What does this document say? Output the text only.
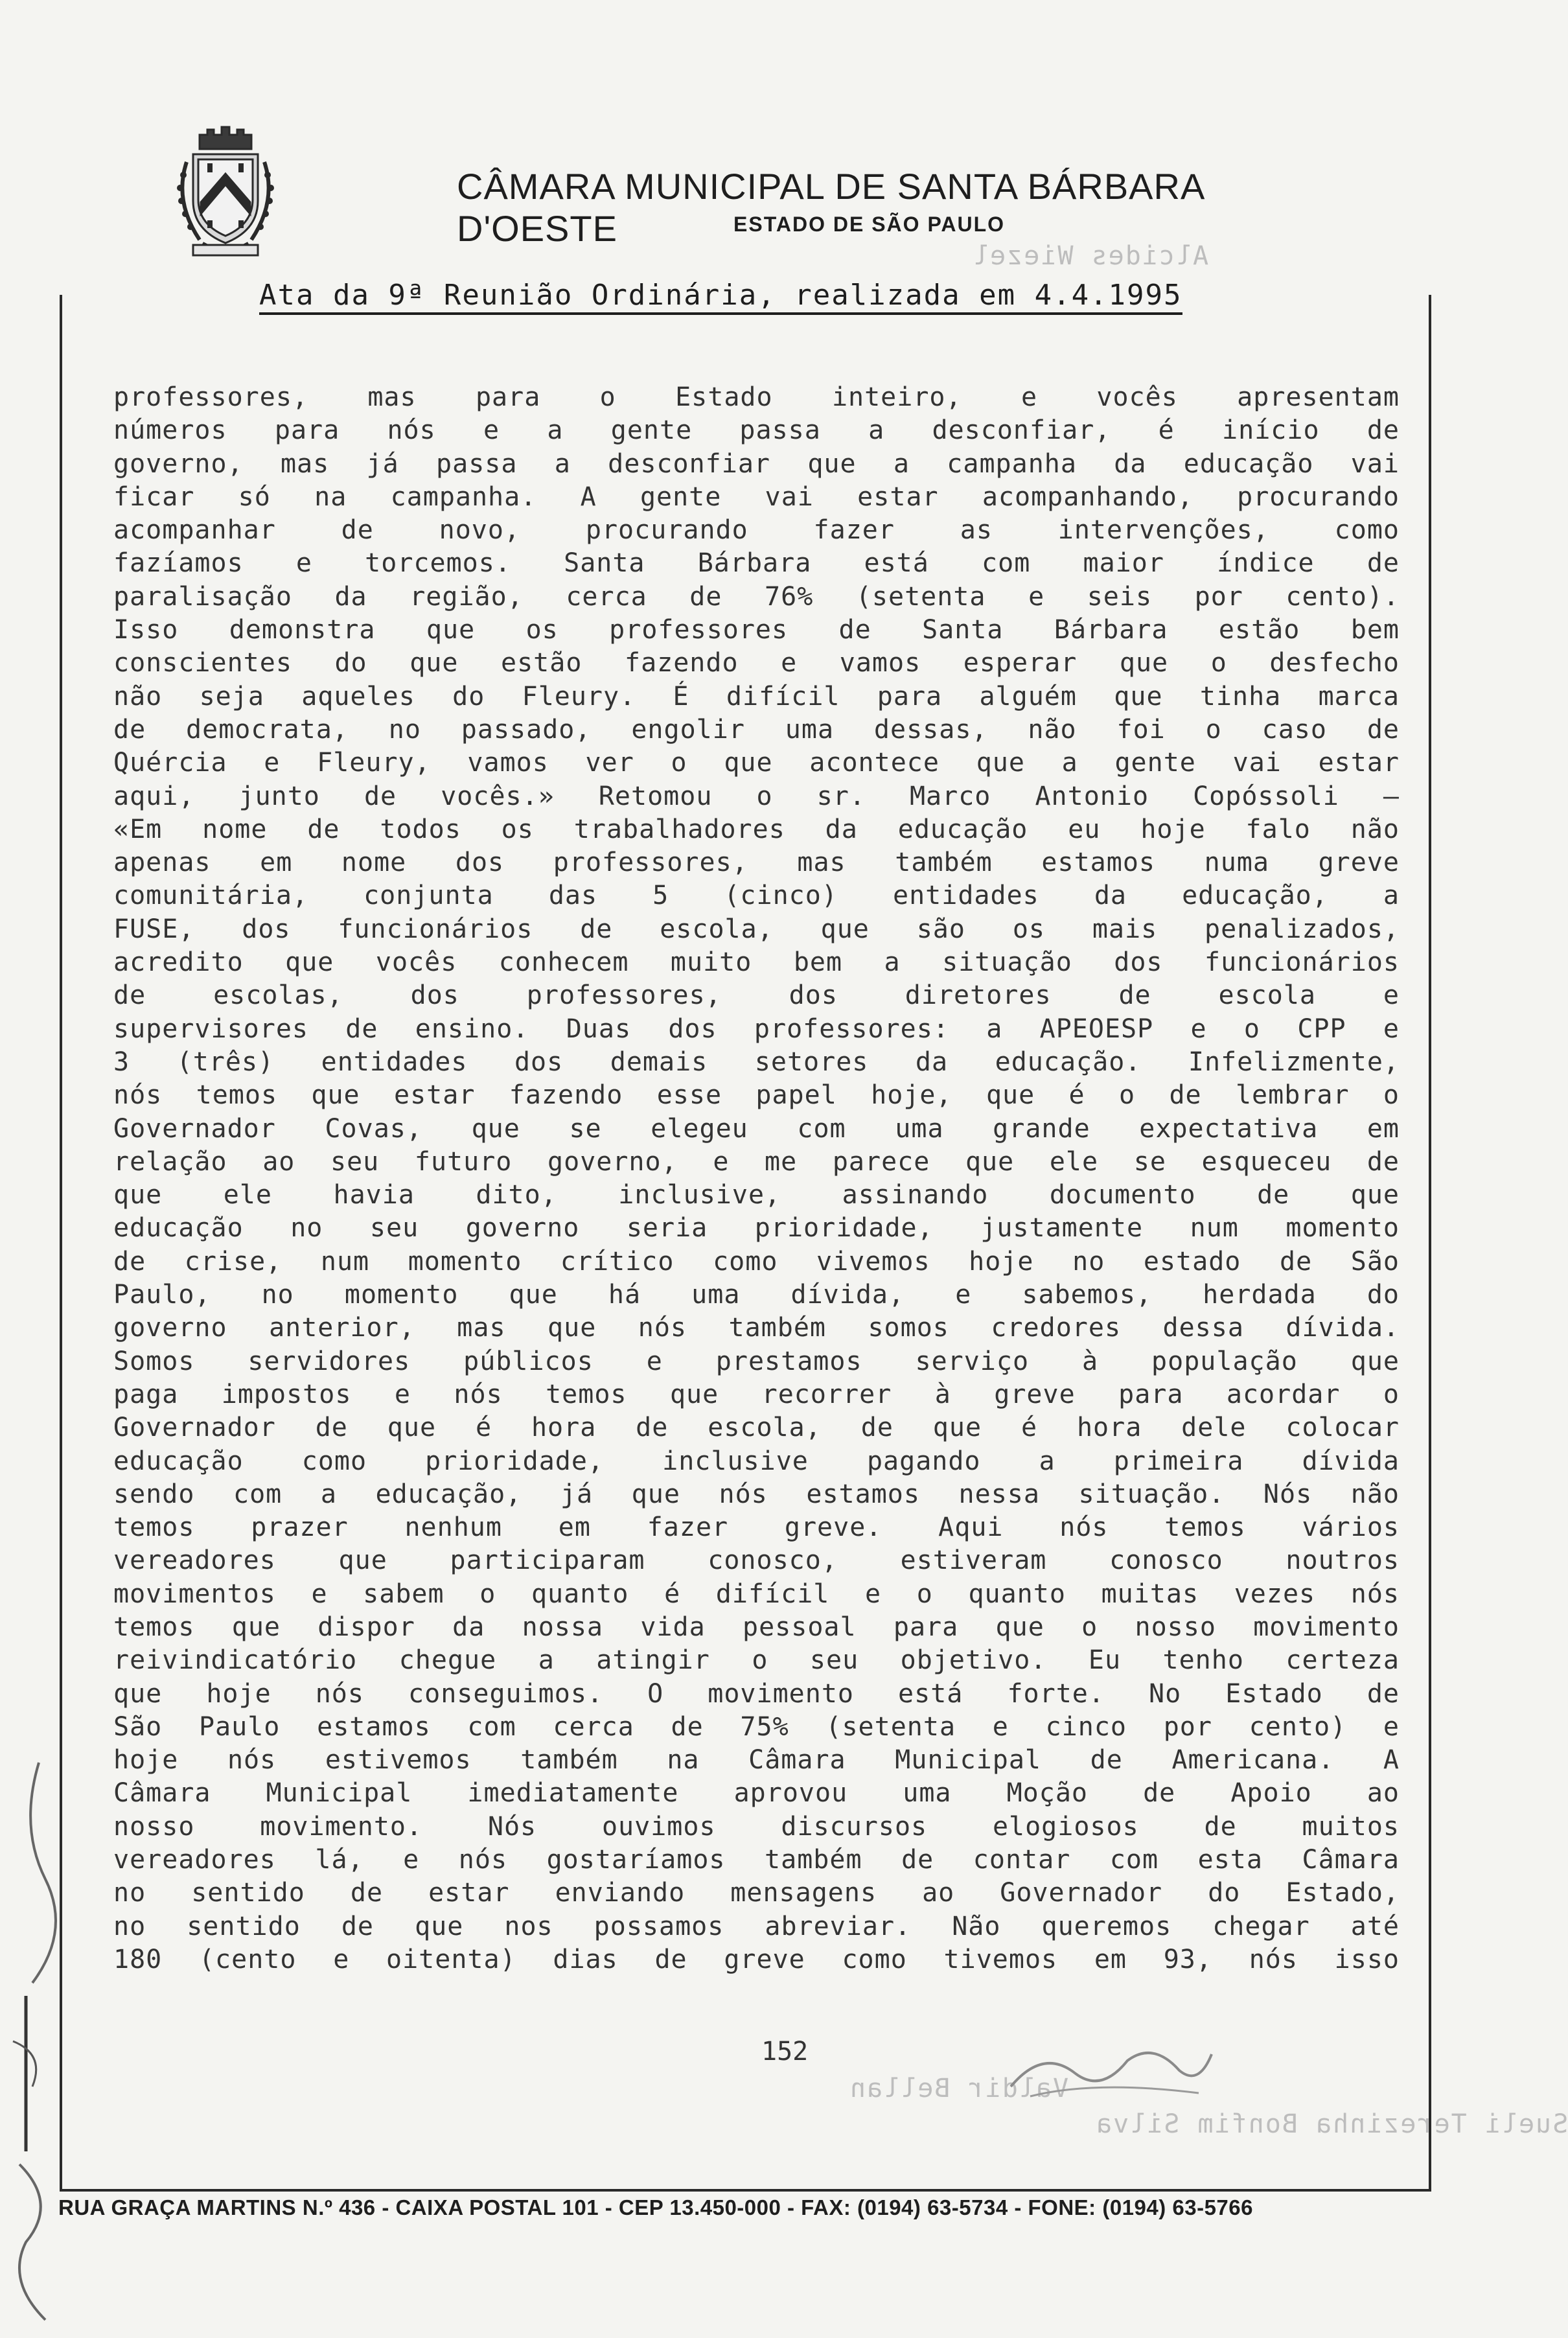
CÂMARA MUNICIPAL DE SANTA BÁRBARA D'OESTE	ESTADO DE SÃO PAULO
Alcides Wiezel
Ata da 9ª Reunião Ordinária, realizada em 4.4.1995
professores, mas para o Estado inteiro, e vocês apresentam
números para nós e a gente passa a desconfiar, é início de
governo, mas já passa a desconfiar que a campanha da educação vai
ficar só na campanha. A gente vai estar acompanhando, procurando
acompanhar de novo, procurando fazer as intervenções, como
fazíamos e torcemos. Santa Bárbara está com maior índice de
paralisação da região, cerca de 76% (setenta e seis por cento).
Isso demonstra que os professores de Santa Bárbara estão bem
conscientes do que estão fazendo e vamos esperar que o desfecho
não seja aqueles do Fleury. É difícil para alguém que tinha marca
de democrata, no passado, engolir uma dessas, não foi o caso de
Quércia e Fleury, vamos ver o que acontece que a gente vai estar
aqui, junto de vocês.» Retomou o sr. Marco Antonio Copóssoli –
«Em nome de todos os trabalhadores da educação eu hoje falo não
apenas em nome dos professores, mas também estamos numa greve
comunitária, conjunta das 5 (cinco) entidades da educação, a
FUSE, dos funcionários de escola, que são os mais penalizados,
acredito que vocês conhecem muito bem a situação dos funcionários
de escolas, dos professores, dos diretores de escola e
supervisores de ensino. Duas dos professores: a APEOESP e o CPP e
3 (três) entidades dos demais setores da educação. Infelizmente,
nós temos que estar fazendo esse papel hoje, que é o de lembrar o
Governador Covas, que se elegeu com uma grande expectativa em
relação ao seu futuro governo, e me parece que ele se esqueceu de
que ele havia dito, inclusive, assinando documento de que
educação no seu governo seria prioridade, justamente num momento
de crise, num momento crítico como vivemos hoje no estado de São
Paulo, no momento que há uma dívida, e sabemos, herdada do
governo anterior, mas que nós também somos credores dessa dívida.
Somos servidores públicos e prestamos serviço à população que
paga impostos e nós temos que recorrer à greve para acordar o
Governador de que é hora de escola, de que é hora dele colocar
educação como prioridade, inclusive pagando a primeira dívida
sendo com a educação, já que nós estamos nessa situação. Nós não
temos prazer nenhum em fazer greve. Aqui nós temos vários
vereadores que participaram conosco, estiveram conosco noutros
movimentos e sabem o quanto é difícil e o quanto muitas vezes nós
temos que dispor da nossa vida pessoal para que o nosso movimento
reivindicatório chegue a atingir o seu objetivo. Eu tenho certeza
que hoje nós conseguimos. O movimento está forte. No Estado de
São Paulo estamos com cerca de 75% (setenta e cinco por cento) e
hoje nós estivemos também na Câmara Municipal de Americana. A
Câmara Municipal imediatamente aprovou uma Moção de Apoio ao
nosso movimento. Nós ouvimos discursos elogiosos de muitos
vereadores lá, e nós gostaríamos também de contar com esta Câmara
no sentido de estar enviando mensagens ao Governador do Estado,
no sentido de que nos possamos abreviar. Não queremos chegar até
180 (cento e oitenta) dias de greve como tivemos em 93, nós isso
152
Sueli Terezinha Bonfim Silva
Valdir Bellan
RUA GRAÇA MARTINS N.º 436 - CAIXA POSTAL 101 - CEP 13.450-000 - FAX: (0194) 63-5734 - FONE: (0194) 63-5766
